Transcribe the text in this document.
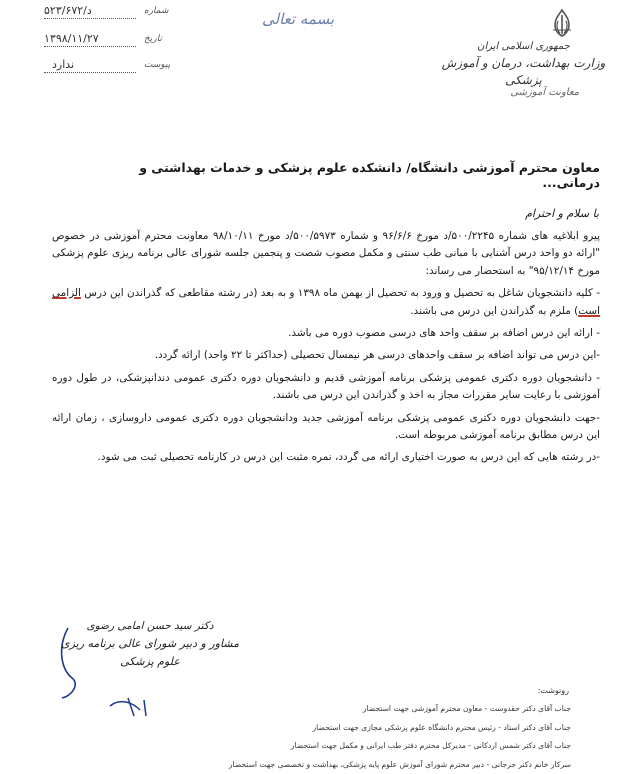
جمهوری اسلامی ایران
وزارت بهداشت، درمان و آموزش پزشکی
معاونت آموزشی
بسمه تعالی
۵۲۳/۶۷۲/د	شماره
۱۳۹۸/۱۱/۲۷	تاریخ
ندارد	پیوست
معاون محترم آموزشی دانشگاه/ دانشکده علوم پزشکی و خدمات بهداشتی و درمانی...
با سلام و احترام

پیرو ابلاغیه های شماره ۵۰۰/۲۲۴۵/د مورخ ۹۶/۶/۶ و شماره ۵۰۰/۵۹۷۳/د مورخ ۹۸/۱۰/۱۱ معاونت محترم آموزشی در خصوص "ارائه دو واحد درس آشنایی با مبانی طب سنتی و مکمل مصوب شصت و پنجمین جلسه شورای عالی برنامه ریزی علوم پزشکی مورخ ۹۵/۱۲/۱۴" به استحضار می رساند:

- کلیه دانشجویان شاغل به تحصیل و ورود به تحصیل از بهمن ماه ۱۳۹۸ و به بعد (در رشته مقاطعی که گذراندن این درس الزامی است) ملزم به گذراندن این درس می باشند.

- ارائه این درس اضافه بر سقف واحد های درسی مصوب دوره می باشد.

-این درس می تواند اضافه بر سقف واحدهای درسی هر نیمسال تحصیلی (حداکثر تا ۲۲ واحد) ارائه گردد.

- دانشجویان دوره دکتری عمومی پزشکی برنامه آموزشی قدیم و دانشجویان دوره دکتری عمومی دندانپزشکی، در طول دوره آموزشی با رعایت سایر مقررات مجاز به اخذ و گذراندن این درس می باشند.

-جهت دانشجویان دوره دکتری عمومی پزشکی برنامه آموزشی جدید ودانشجویان دوره دکتری عمومی داروسازی ، زمان ارائه این درس مطابق برنامه آموزشی مربوطه است.

-در رشته هایی که این درس به صورت اختیاری ارائه می گردد، نمره مثبت این درس در کارنامه تحصیلی ثبت می شود.

دکتر سید حسن امامی رضوی
مشاور و دبیر شورای عالی برنامه ریزی علوم پزشکی
رونوشت:
جناب آقای دکتر حقدوست - معاون محترم آموزشی جهت استحضار
جناب آقای دکتر استاد - رئیس محترم دانشگاه علوم پزشکی مجازی جهت استحضار
جناب آقای دکتر شمس اردکانی - مدیرکل محترم دفتر طب ایرانی و مکمل جهت استحضار
سرکار خانم دکتر جرجانی - دبیر محترم شورای آموزش علوم پایه پزشکی، بهداشت و تخصصی جهت استحضار
